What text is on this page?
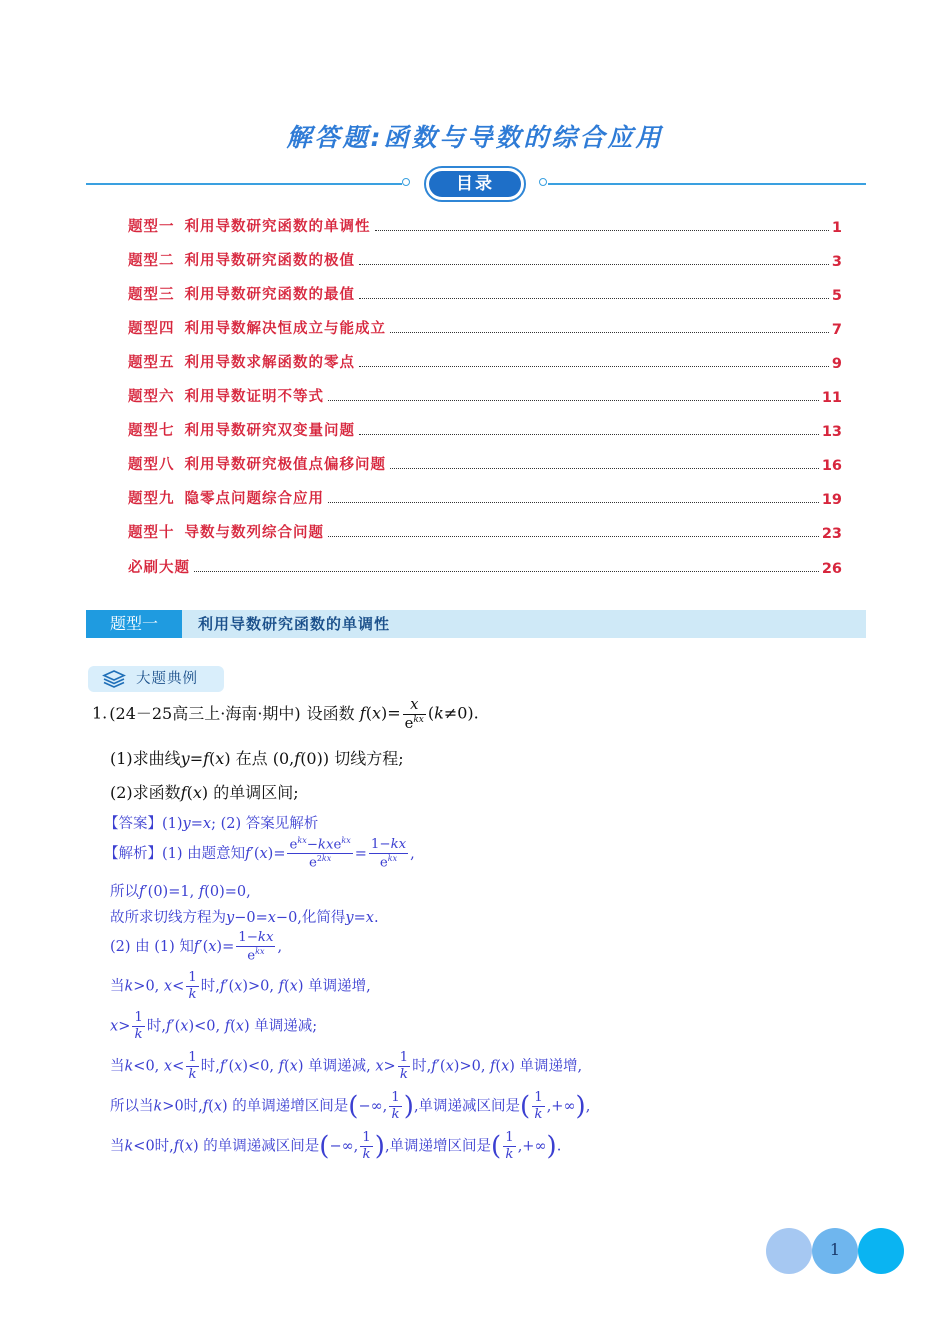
解答题:函数与导数的综合应用
目录
题型一 利用导数研究函数的单调性	1
题型二 利用导数研究函数的极值	3
题型三 利用导数研究函数的最值	5
题型四 利用导数解决恒成立与能成立	7
题型五 利用导数求解函数的零点	9
题型六 利用导数证明不等式	11
题型七 利用导数研究双变量问题	13
题型八 利用导数研究极值点偏移问题	16
题型九 隐零点问题综合应用	19
题型十 导数与数列综合问题	23
必刷大题	26
题型一	利用导数研究函数的单调性
大题典例
1. (24－25高三上·海南·期中) 设函数 $f(x)= \frac{x}{e^{kx}} (k\ne 0)$.
(1)求曲线y=f(x) 在点 (0,f(0)) 切线方程;
(2)求函数f(x) 的单调区间;
【答案】(1)y=x; (2) 答案见解析
【解析】(1) 由题意知$f'(x)= \frac{e^{kx}-kxe^{kx}}{e^{2kx}} = \frac{1-kx}{e^{kx}}$ ,
所以f′(0)=1, f(0)=0,
故所求切线方程为y−0=x−0,化简得y=x.
(2) 由 (1) 知$f'(x)= \frac{1-kx}{e^{kx}}$ ,
当k>0, $x< \frac{1}{k}$ 时,f′(x)>0, f(x) 单调递增,
$x> \frac{1}{k}$ 时,f′(x)<0, f(x) 单调递减;
当k<0, $x< \frac{1}{k}$ 时,f′(x)<0, f(x) 单调递减, $x> \frac{1}{k}$ 时,f′(x)>0, f(x) 单调递增,
所以当k>0时,f(x) 的单调递增区间是(−∞, $\frac{1}{k}$ ),单调递减区间是( $\frac{1}{k}$ ,+∞),
当k<0时,f(x) 的单调递减区间是(−∞, $\frac{1}{k}$ ),单调递增区间是( $\frac{1}{k}$ ,+∞).
1
